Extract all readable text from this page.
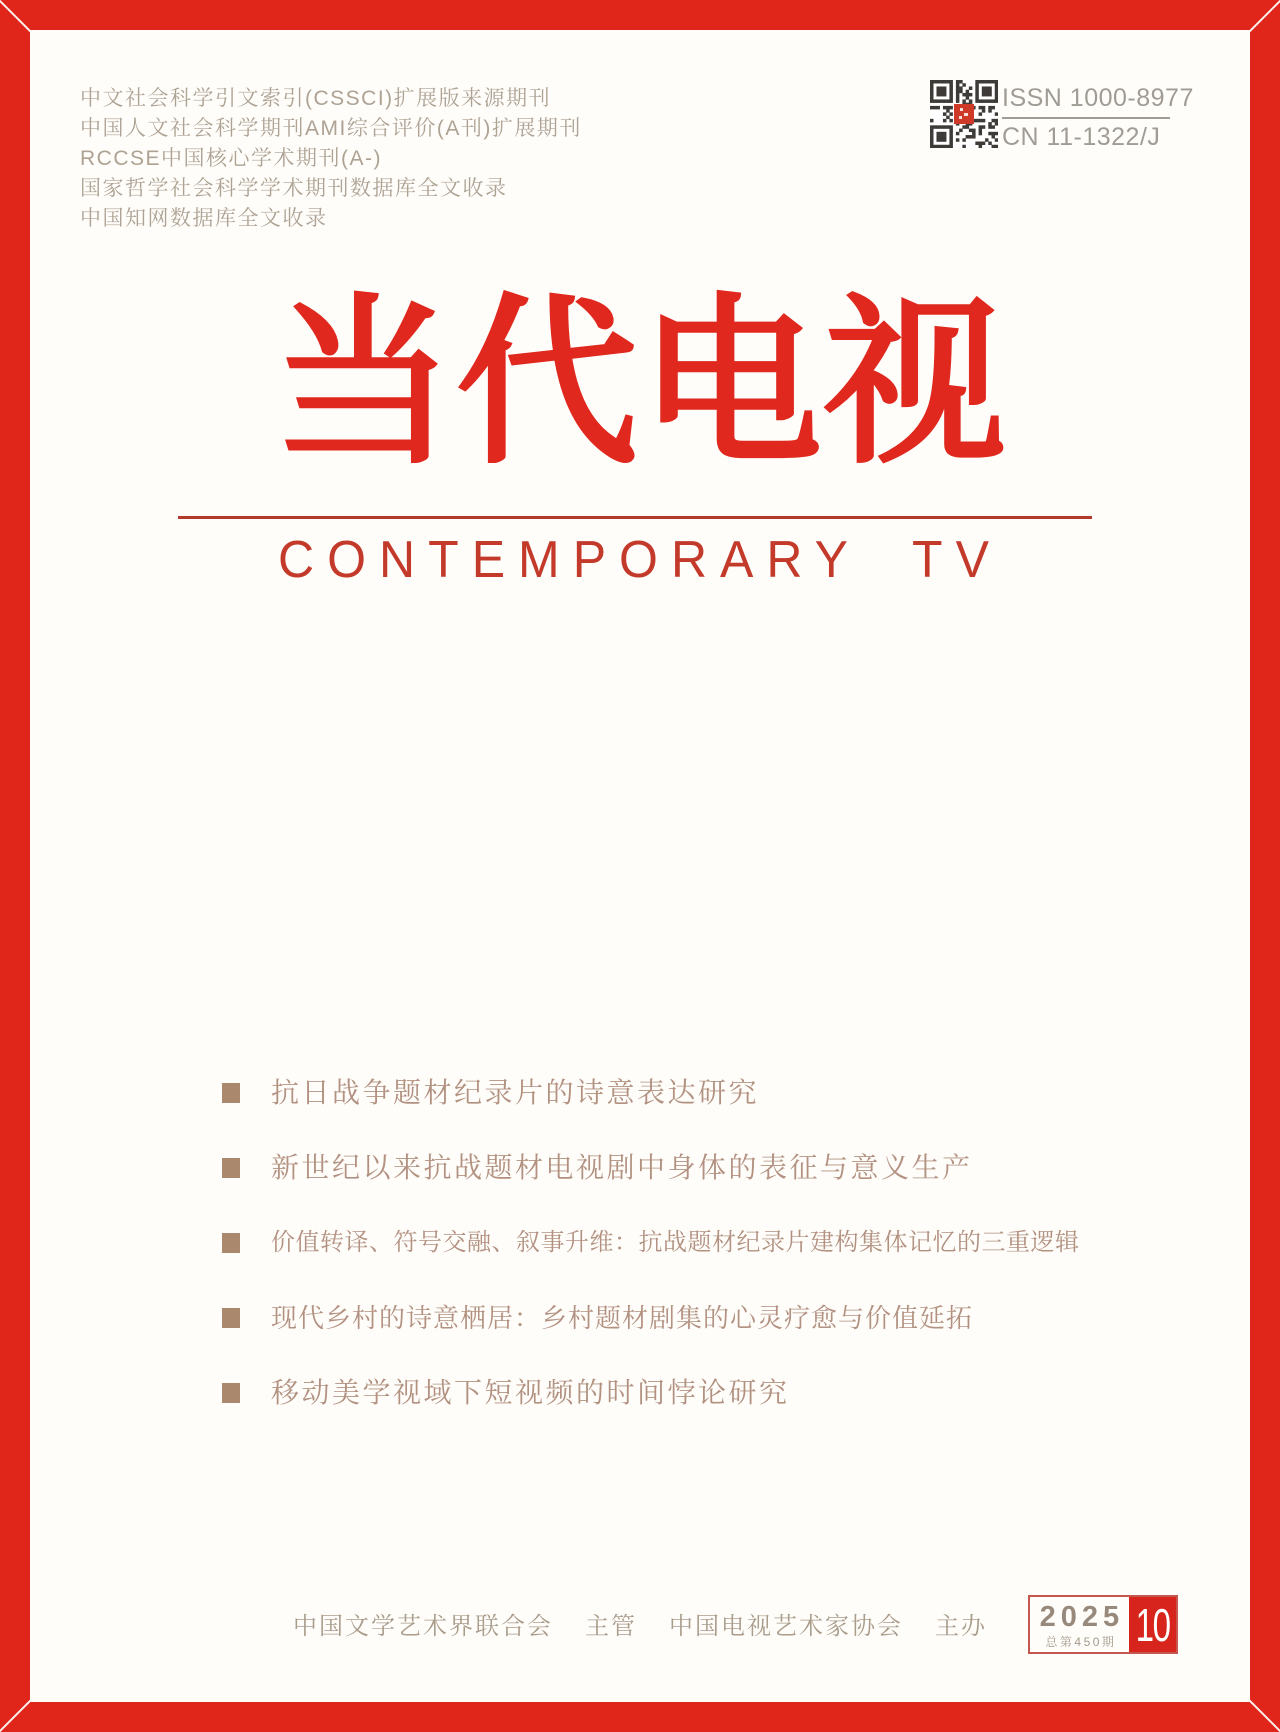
中文社会科学引文索引(CSSCI)扩展版来源期刊
中国人文社会科学期刊AMI综合评价(A刊)扩展期刊
RCCSE中国核心学术期刊(A-)
国家哲学社会科学学术期刊数据库全文收录
中国知网数据库全文收录
ISSN 1000-8977
CN 11-1322/J
当代电视
CONTEMPORARY TV
抗日战争题材纪录片的诗意表达研究
新世纪以来抗战题材电视剧中身体的表征与意义生产
价值转译、符号交融、叙事升维：抗战题材纪录片建构集体记忆的三重逻辑
现代乡村的诗意栖居：乡村题材剧集的心灵疗愈与价值延拓
移动美学视域下短视频的时间悖论研究
中国文学艺术界联合会 主管 中国电视艺术家协会 主办 2025
总第450期 10
